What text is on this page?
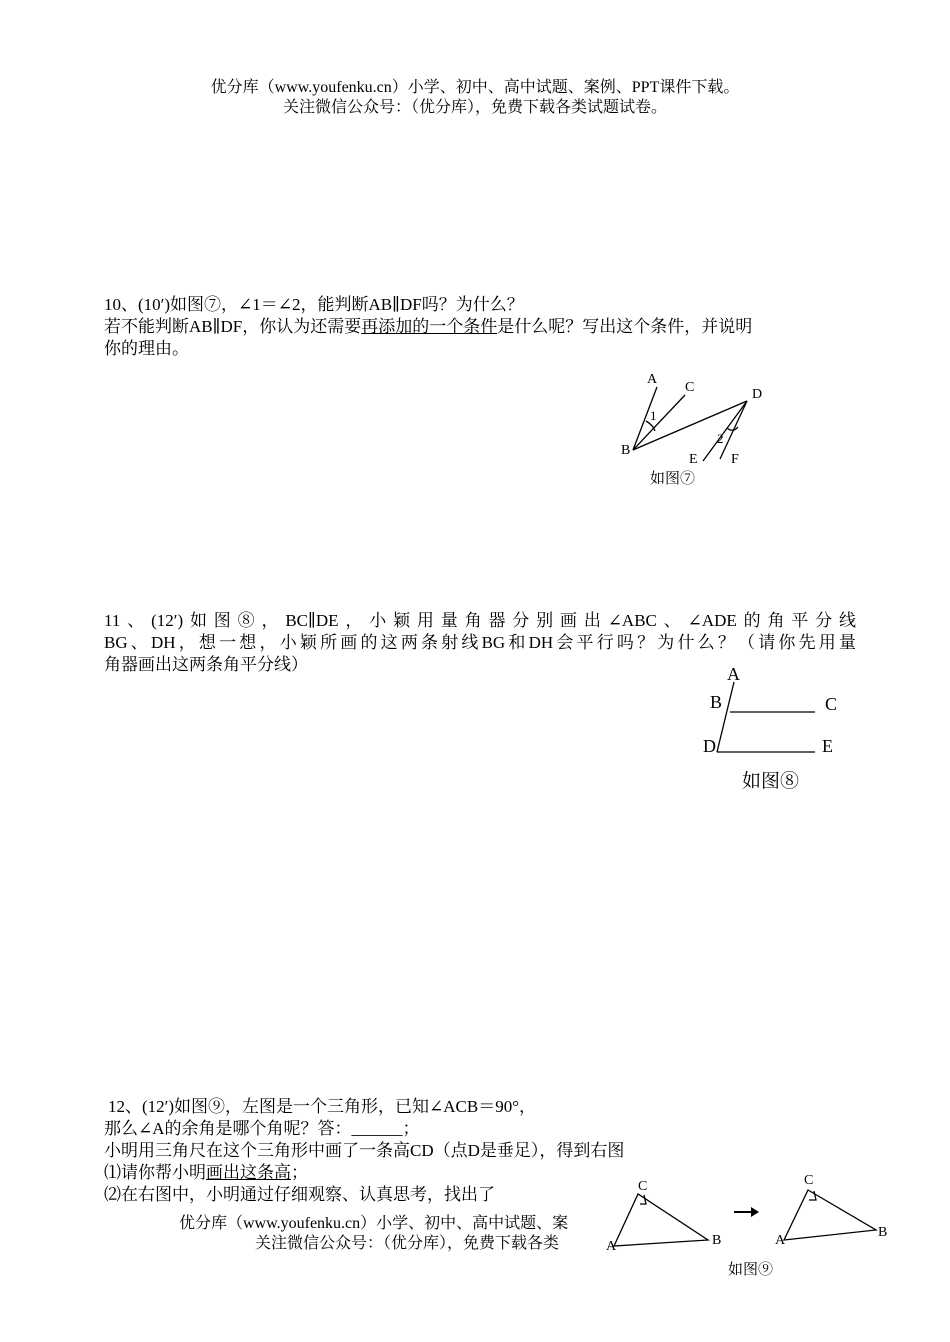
优分库（www.youfenku.cn）小学、初中、高中试题、案例、PPT课件下载。
关注微信公众号：（优分库），免费下载各类试题试卷。
10、(10′)如图⑦，∠1＝∠2，能判断AB∥DF吗？为什么？
若不能判断AB∥DF，你认为还需要再添加的一个条件是什么呢？写出这个条件，并说明
你的理由。
A
C	D
B
E F
1
2
如图⑦
11、(12′)如图⑧，BC∥DE，小颖用量角器分别画出∠ABC、∠ADE的角平分线
BG、DH，想一想，小颖所画的这两条射线BG和DH会平行吗？为什么？（请你先用量
角器画出这两条角平分线）	A
B	C
D	E
如图⑧
12、(12′)如图⑨，左图是一个三角形，已知∠ACB＝90°，
那么∠A的余角是哪个角呢？答：______；
小明用三角尺在这个三角形中画了一条高CD（点D是垂足），得到右图
⑴请你帮小明画出这条高；
⑵在右图中，小明通过仔细观察、认真思考，找出了
优分库（www.youfenku.cn）小学、初中、高中试题、案
关注微信公众号：（优分库），免费下载各类
C
A	B
C
A
B
如图⑨
